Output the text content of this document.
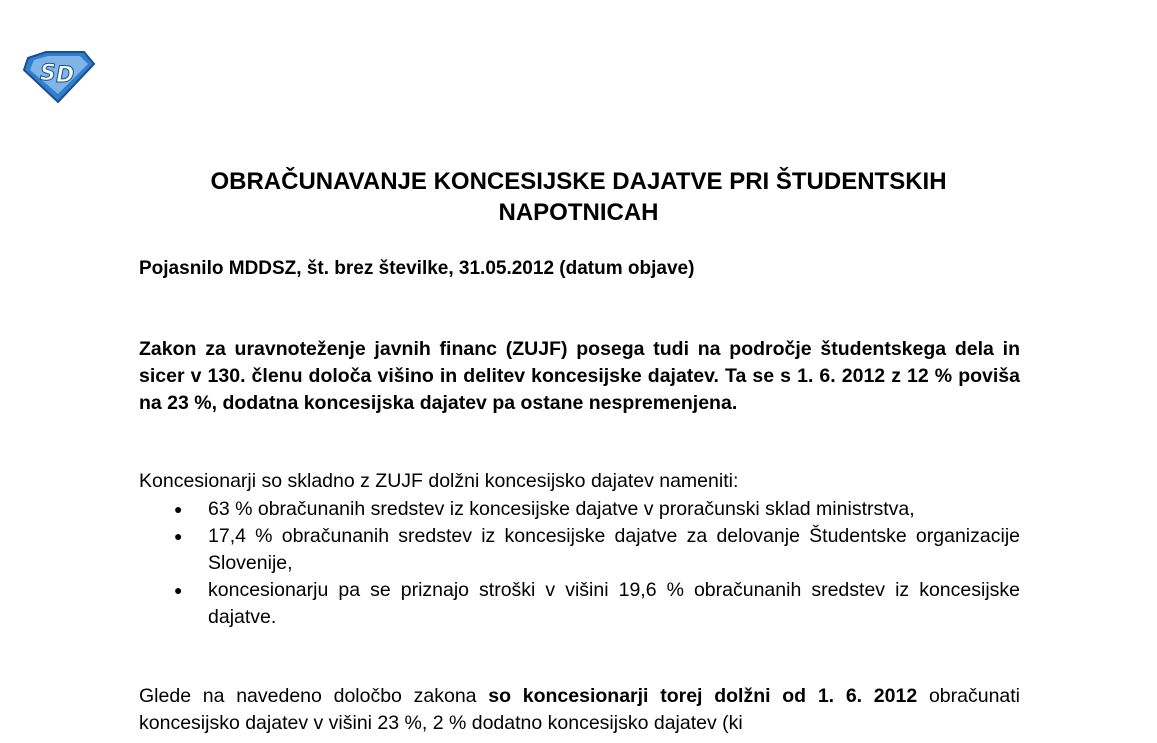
S D
OBRAČUNAVANJE KONCESIJSKE DAJATVE PRI ŠTUDENTSKIH
NAPOTNICAH

Pojasnilo MDDSZ, št. brez številke, 31.05.2012 (datum objave)

Zakon za uravnoteženje javnih financ (ZUJF) posega tudi na področje študentskega dela in sicer v 130. členu določa višino in delitev koncesijske dajatev. Ta se s 1. 6. 2012 z 12 % poviša na 23 %, dodatna koncesijska dajatev pa ostane nespremenjena.

Koncesionarji so skladno z ZUJF dolžni koncesijsko dajatev nameniti:

● 63 % obračunanih sredstev iz koncesijske dajatve v proračunski sklad ministrstva,
● 17,4 % obračunanih sredstev iz koncesijske dajatve za delovanje Študentske organizacije Slovenije,
● koncesionarju pa se priznajo stroški v višini 19,6 % obračunanih sredstev iz koncesijske dajatve.

Glede na navedeno določbo zakona so koncesionarji torej dolžni od 1. 6. 2012 obračunati koncesijsko dajatev v višini 23 %, 2 % dodatno koncesijsko dajatev (ki
